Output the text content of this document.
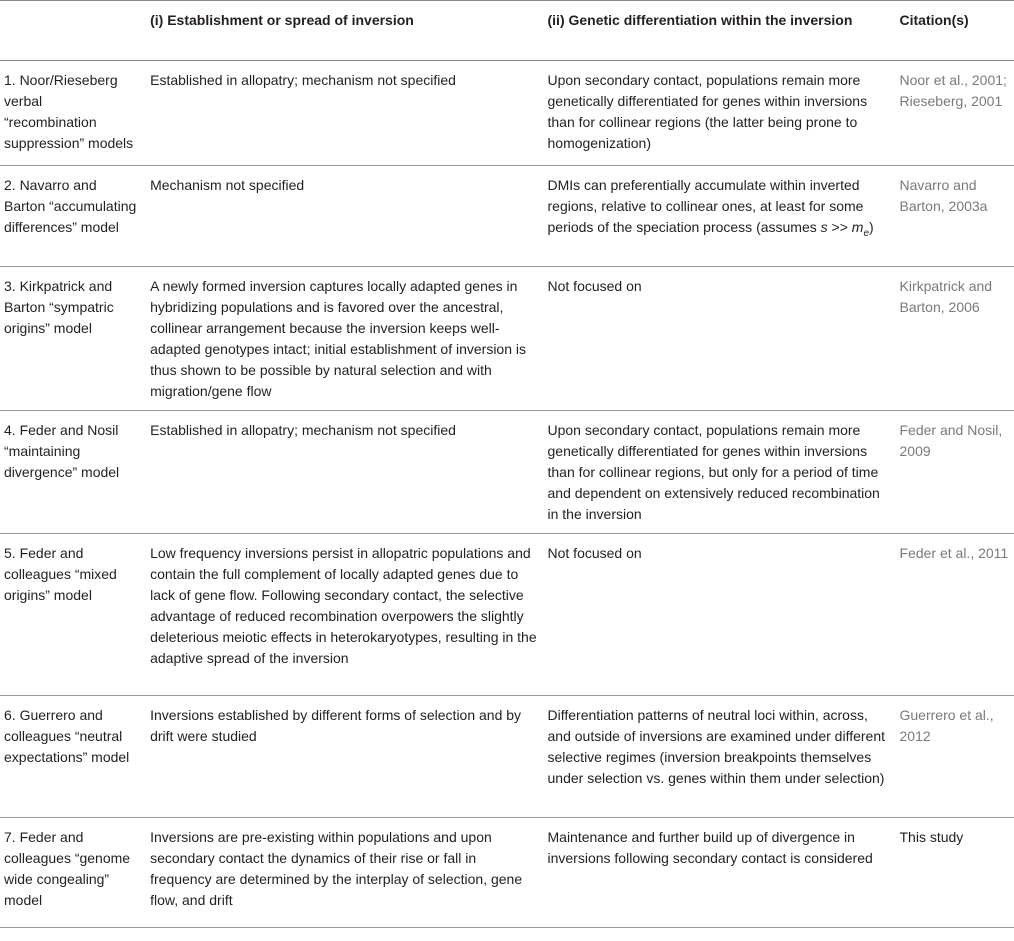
	(i) Establishment or spread of inversion	(ii) Genetic differentiation within the inversion	Citation(s)
1. Noor/Rieseberg verbal “recombination suppression” models	Established in allopatry; mechanism not specified	Upon secondary contact, populations remain more genetically differentiated for genes within inversions than for collinear regions (the latter being prone to homogenization)	Noor et al., 2001; Rieseberg, 2001
2. Navarro and Barton “accumulating differences” model	Mechanism not specified	DMIs can preferentially accumulate within inverted regions, relative to collinear ones, at least for some periods of the speciation process (assumes $s >> m_e$)	Navarro and Barton, 2003a
3. Kirkpatrick and Barton “sympatric origins” model	A newly formed inversion captures locally adapted genes in hybridizing populations and is favored over the ancestral, collinear arrangement because the inversion keeps well-adapted genotypes intact; initial establishment of inversion is thus shown to be possible by natural selection and with migration/gene flow	Not focused on	Kirkpatrick and Barton, 2006
4. Feder and Nosil “maintaining divergence” model	Established in allopatry; mechanism not specified	Upon secondary contact, populations remain more genetically differentiated for genes within inversions than for collinear regions, but only for a period of time and dependent on extensively reduced recombination in the inversion	Feder and Nosil, 2009
5. Feder and colleagues “mixed origins” model	Low frequency inversions persist in allopatric populations and contain the full complement of locally adapted genes due to lack of gene flow. Following secondary contact, the selective advantage of reduced recombination overpowers the slightly deleterious meiotic effects in heterokaryotypes, resulting in the adaptive spread of the inversion	Not focused on	Feder et al., 2011
6. Guerrero and colleagues “neutral expectations” model	Inversions established by different forms of selection and by drift were studied	Differentiation patterns of neutral loci within, across, and outside of inversions are examined under different selective regimes (inversion breakpoints themselves under selection vs. genes within them under selection)	Guerrero et al., 2012
7. Feder and colleagues “genome wide congealing” model	Inversions are pre-existing within populations and upon secondary contact the dynamics of their rise or fall in frequency are determined by the interplay of selection, gene flow, and drift	Maintenance and further build up of divergence in inversions following secondary contact is considered	This study
